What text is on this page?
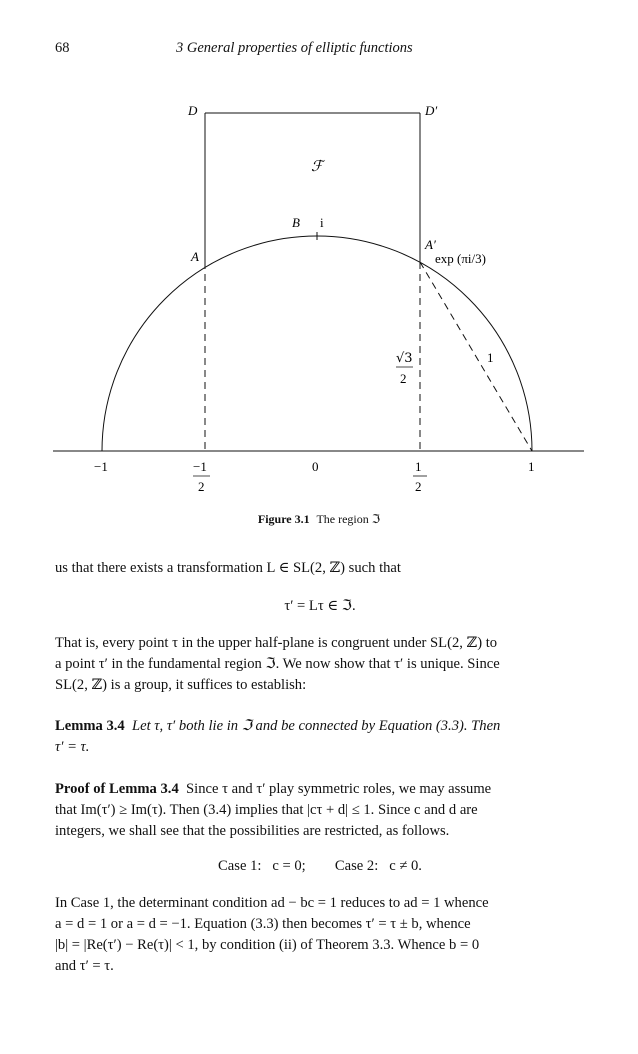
68	3 General properties of elliptic functions
D	D′
ℱ
B i
A
A′
exp (πi/3)
√3
2
1
−1	−1
2
0	1
2
1
Figure 3.1 The region ℑ
us that there exists a transformation L ∈ SL(2, ℤ) such that
τ′ = Lτ ∈ ℑ.
That is, every point τ in the upper half-plane is congruent under SL(2, ℤ) to
a point τ′ in the fundamental region ℑ. We now show that τ′ is unique. Since
SL(2, ℤ) is a group, it suffices to establish:
Lemma 3.4 Let τ, τ′ both lie in ℑ and be connected by Equation (3.3). Then
τ′ = τ.
Proof of Lemma 3.4 Since τ and τ′ play symmetric roles, we may assume
that Im(τ′) ≥ Im(τ). Then (3.4) implies that |cτ + d| ≤ 1. Since c and d are
integers, we shall see that the possibilities are restricted, as follows.
Case 1:   c = 0;        Case 2:   c ≠ 0.
In Case 1, the determinant condition ad − bc = 1 reduces to ad = 1 whence
a = d = 1 or a = d = −1. Equation (3.3) then becomes τ′ = τ ± b, whence
|b| = |Re(τ′) − Re(τ)| < 1, by condition (ii) of Theorem 3.3. Whence b = 0
and τ′ = τ.
